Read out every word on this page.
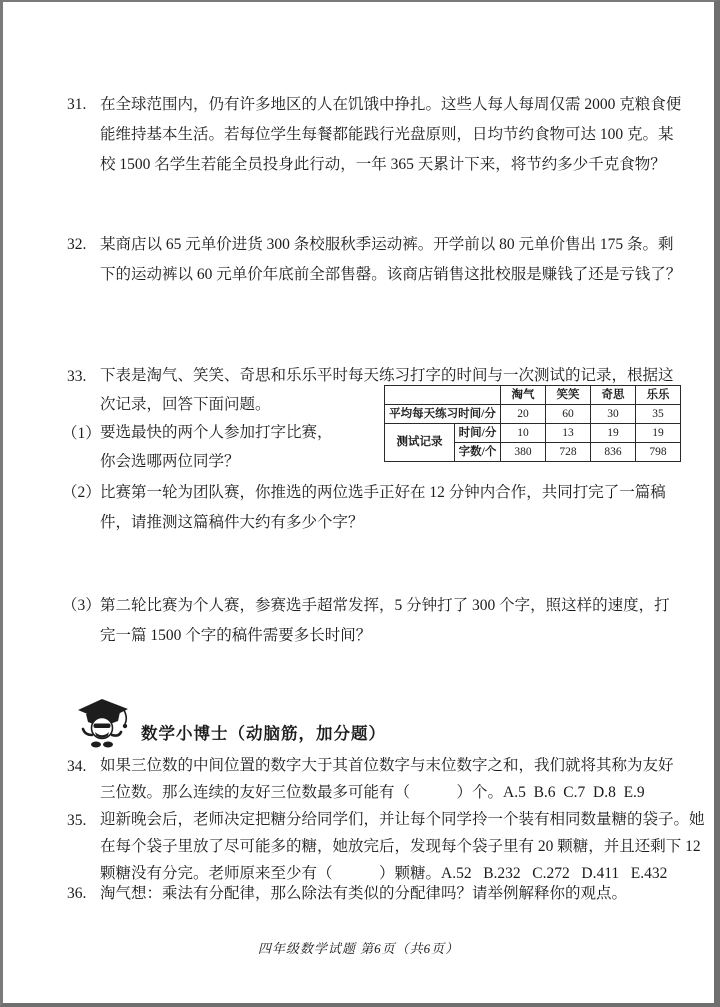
31. 在全球范围内，仍有许多地区的人在饥饿中挣扎。这些人每人每周仅需 2000 克粮食便
能维持基本生活。若每位学生每餐都能践行光盘原则，日均节约食物可达 100 克。某
校 1500 名学生若能全员投身此行动，一年 365 天累计下来，将节约多少千克食物？
32. 某商店以 65 元单价进货 300 条校服秋季运动裤。开学前以 80 元单价售出 175 条。剩
下的运动裤以 60 元单价年底前全部售罄。该商店销售这批校服是赚钱了还是亏钱了？
33. 下表是淘气、笑笑、奇思和乐乐平时每天练习打字的时间与一次测试的记录，根据这
次记录，回答下面问题。
（1） 要选最快的两个人参加打字比赛，
你会选哪两位同学？
		淘气	笑笑	奇思	乐乐
平均每天练习时间/分		20	60	30	35
测试记录	时间/分	10	13	19	19
	字数/个	380	728	836	798
（2） 比赛第一轮为团队赛，你推选的两位选手正好在 12 分钟内合作，共同打完了一篇稿
件，请推测这篇稿件大约有多少个字？
（3） 第二轮比赛为个人赛，参赛选手超常发挥，5 分钟打了 300 个字，照这样的速度，打
完一篇 1500 个字的稿件需要多长时间？
数学小博士（动脑筋，加分题）
34. 如果三位数的中间位置的数字大于其首位数字与末位数字之和，我们就将其称为友好
三位数。那么连续的友好三位数最多可能有（　　　）个。A.5  B.6  C.7  D.8  E.9
35. 迎新晚会后，老师决定把糖分给同学们，并让每个同学拎一个装有相同数量糖的袋子。她
在每个袋子里放了尽可能多的糖，她放完后，发现每个袋子里有 20 颗糖，并且还剩下 12
颗糖没有分完。老师原来至少有（　　　）颗糖。A.52   B.232   C.272   D.411   E.432
36. 淘气想：乘法有分配律，那么除法有类似的分配律吗？请举例解释你的观点。
四年级数学试题 第6页（共6页）
